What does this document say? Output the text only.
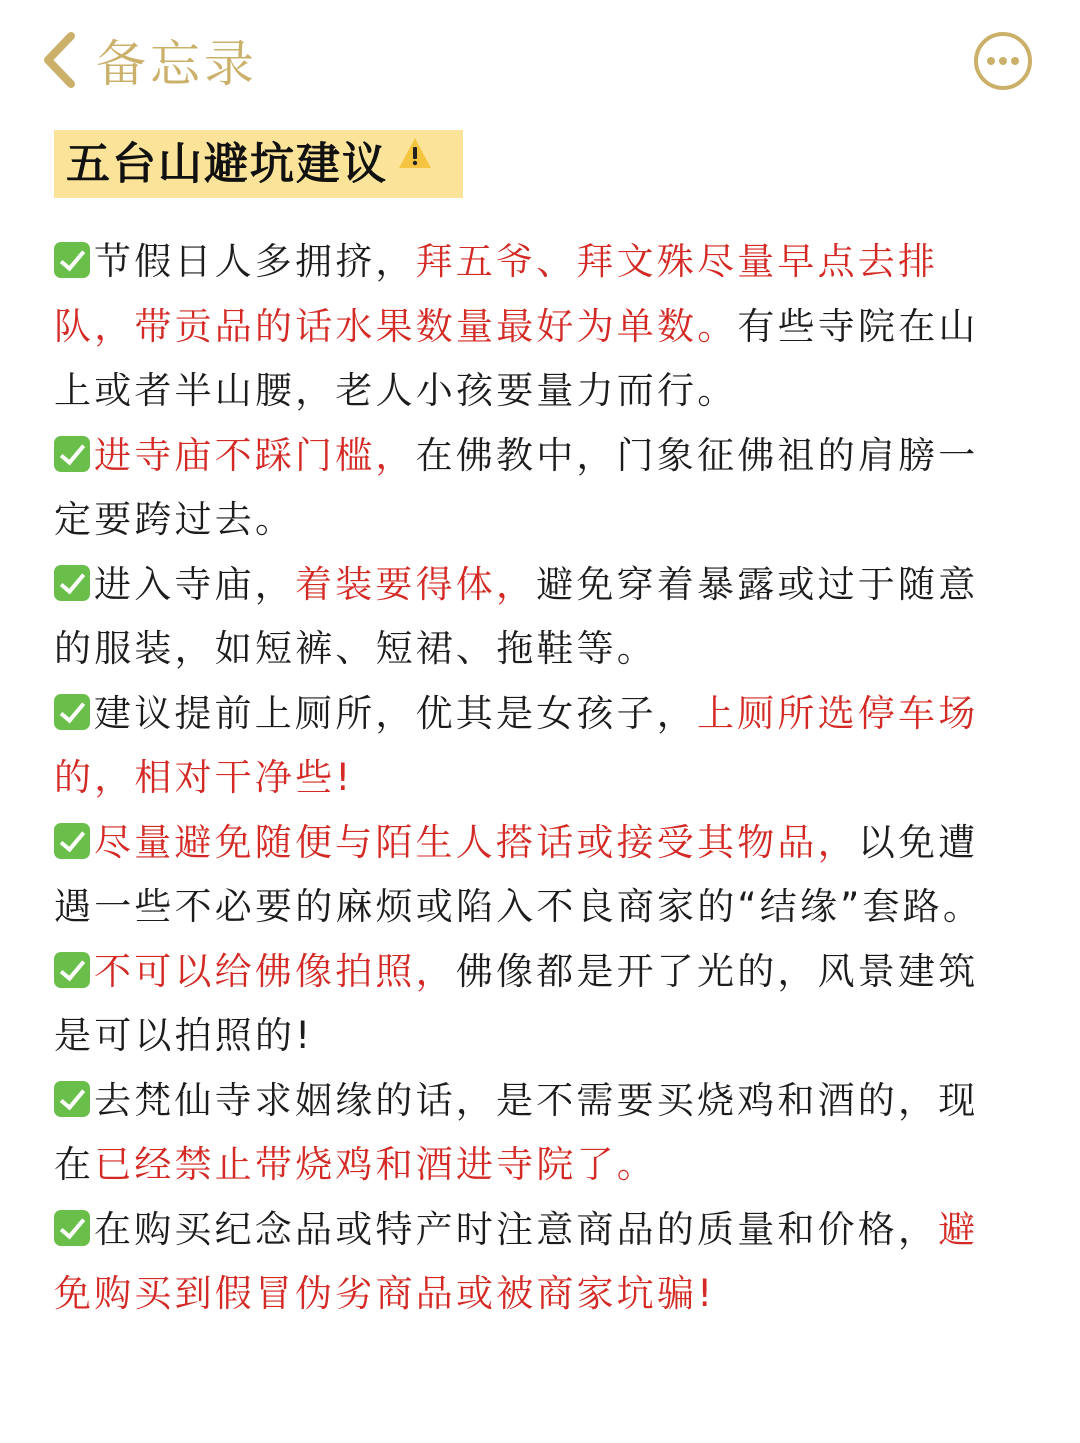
备忘录
五台山避坑建议
节假日人多拥挤，拜五爷、拜文殊尽量早点去排队，带贡品的话水果数量最好为单数。有些寺院在山上或者半山腰，老人小孩要量力而行。
进寺庙不踩门槛，在佛教中，门象征佛祖的肩膀一定要跨过去。
进入寺庙，着装要得体，避免穿着暴露或过于随意的服装，如短裤、短裙、拖鞋等。
建议提前上厕所，优其是女孩子，上厕所选停车场的，相对干净些!
尽量避免随便与陌生人搭话或接受其物品，以免遭遇一些不必要的麻烦或陷入不良商家的“结缘”套路。
不可以给佛像拍照，佛像都是开了光的，风景建筑是可以拍照的!
去梵仙寺求姻缘的话，是不需要买烧鸡和酒的，现在已经禁止带烧鸡和酒进寺院了。
在购买纪念品或特产时注意商品的质量和价格，避免购买到假冒伪劣商品或被商家坑骗!
